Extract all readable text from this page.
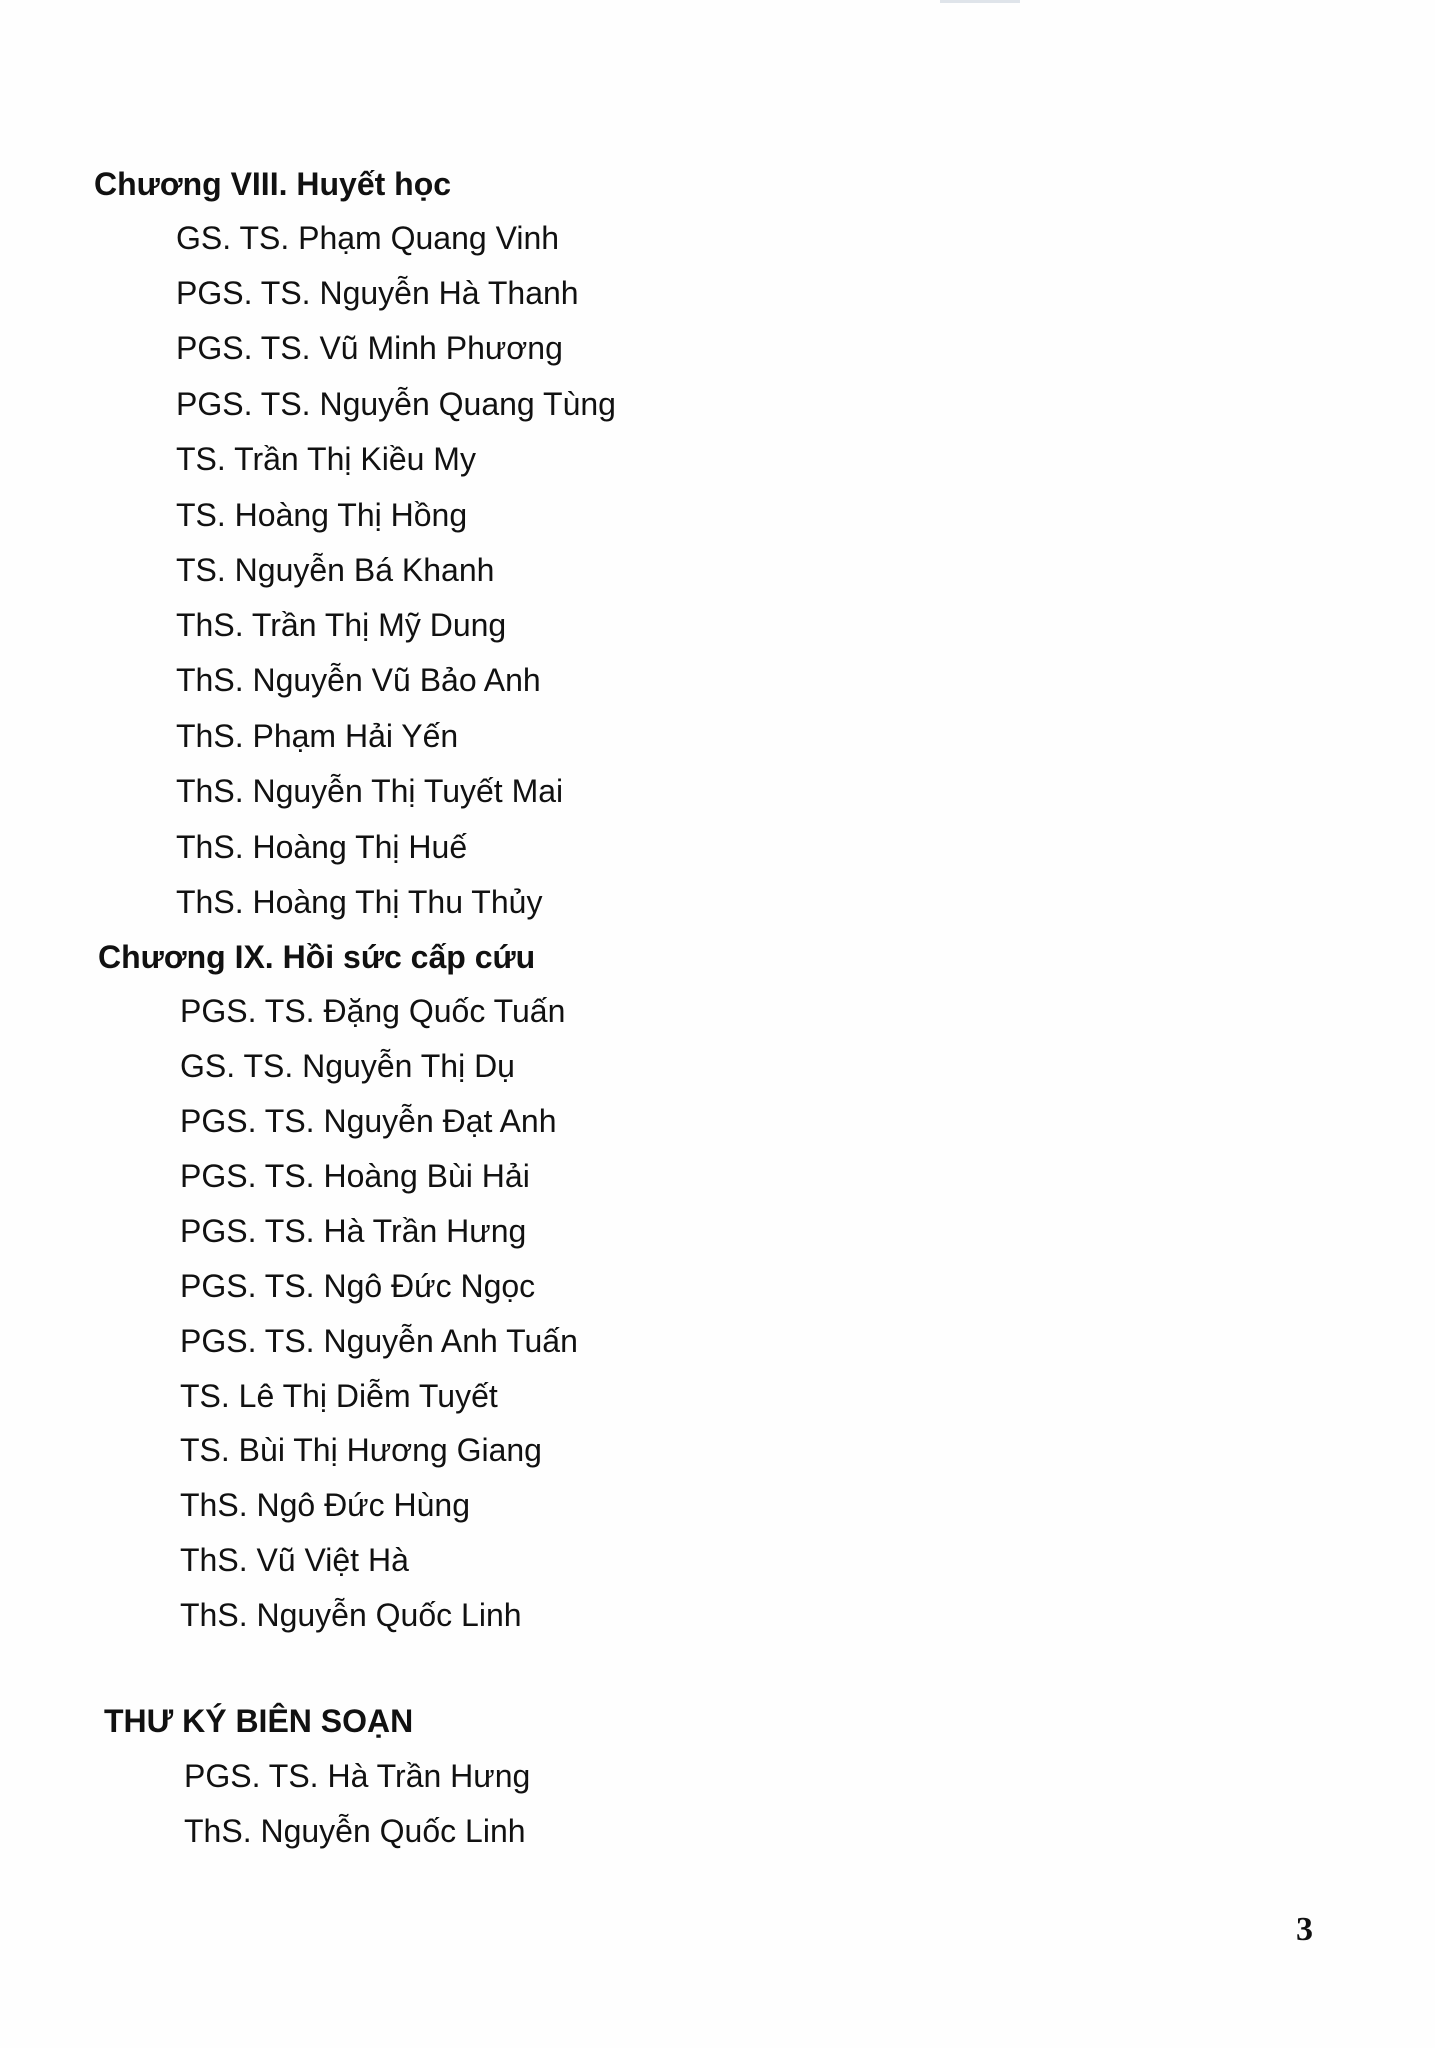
Chương VIII. Huyết học
GS. TS. Phạm Quang Vinh
PGS. TS. Nguyễn Hà Thanh
PGS. TS. Vũ Minh Phương
PGS. TS. Nguyễn Quang Tùng
TS. Trần Thị Kiều My
TS. Hoàng Thị Hồng
TS. Nguyễn Bá Khanh
ThS. Trần Thị Mỹ Dung
ThS. Nguyễn Vũ Bảo Anh
ThS. Phạm Hải Yến
ThS. Nguyễn Thị Tuyết Mai
ThS. Hoàng Thị Huế
ThS. Hoàng Thị Thu Thủy
Chương IX. Hồi sức cấp cứu
PGS. TS. Đặng Quốc Tuấn
GS. TS. Nguyễn Thị Dụ
PGS. TS. Nguyễn Đạt Anh
PGS. TS. Hoàng Bùi Hải
PGS. TS. Hà Trần Hưng
PGS. TS. Ngô Đức Ngọc
PGS. TS. Nguyễn Anh Tuấn
TS. Lê Thị Diễm Tuyết
TS. Bùi Thị Hương Giang
ThS. Ngô Đức Hùng
ThS. Vũ Việt Hà
ThS. Nguyễn Quốc Linh
THƯ KÝ BIÊN SOẠN
PGS. TS. Hà Trần Hưng
ThS. Nguyễn Quốc Linh
3
